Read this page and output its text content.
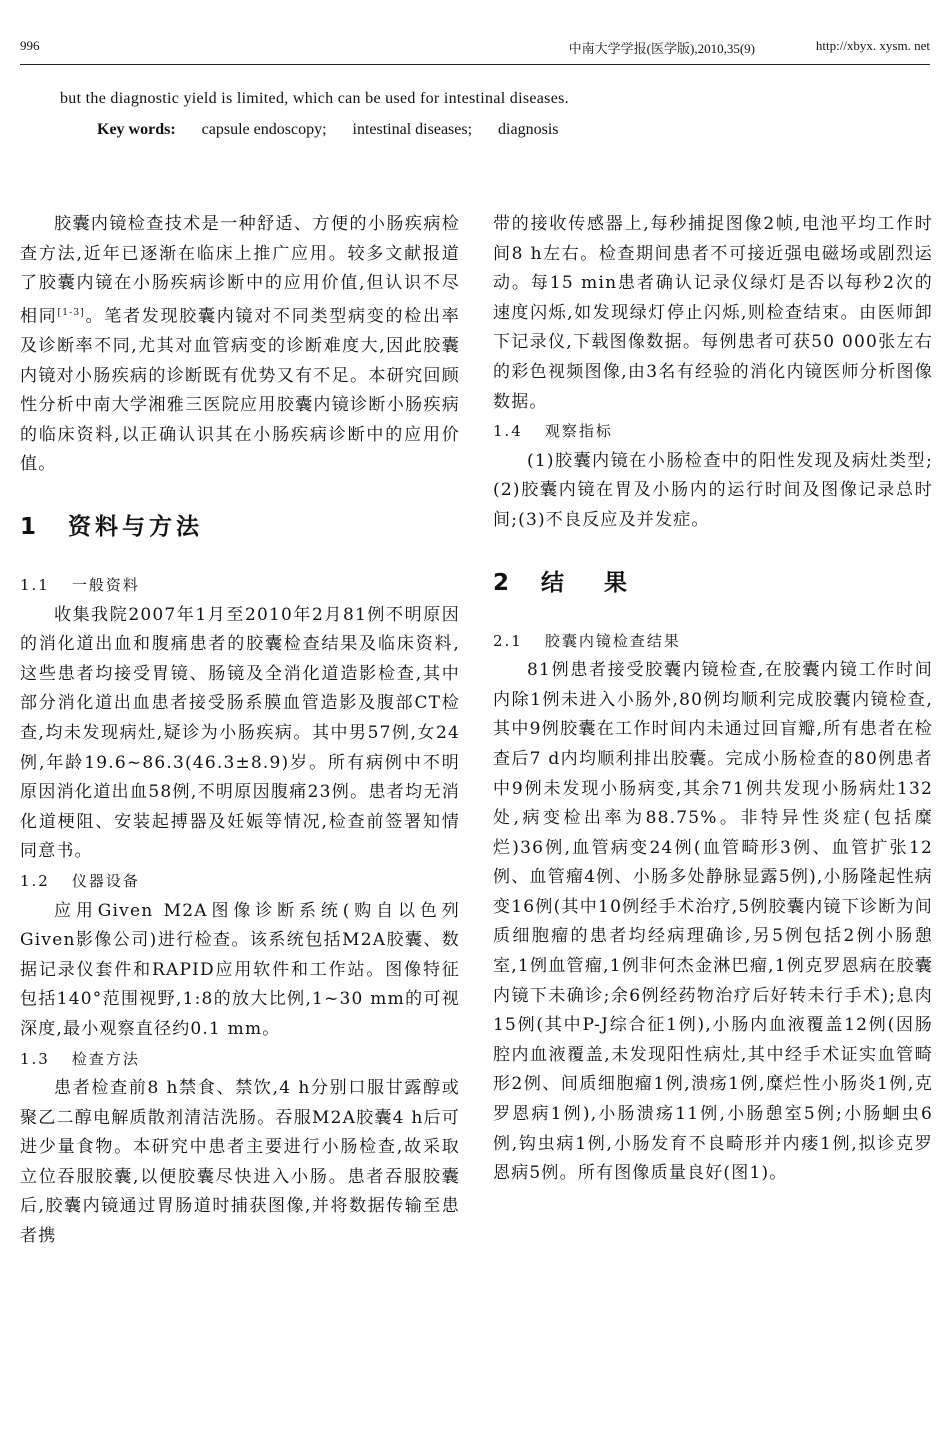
996	中南大学学报(医学版),2010,35(9)	http://xbyx. xysm. net
but the diagnostic yield is limited, which can be used for intestinal diseases.
Key words: capsule endoscopy; intestinal diseases; diagnosis

胶囊内镜检查技术是一种舒适、方便的小肠疾病检查方法,近年已逐渐在临床上推广应用。较多文献报道了胶囊内镜在小肠疾病诊断中的应用价值,但认识不尽相同[1-3]。笔者发现胶囊内镜对不同类型病变的检出率及诊断率不同,尤其对血管病变的诊断难度大,因此胶囊内镜对小肠疾病的诊断既有优势又有不足。本研究回顾性分析中南大学湘雅三医院应用胶囊内镜诊断小肠疾病的临床资料,以正确认识其在小肠疾病诊断中的应用价值。

1 资料与方法
1.1 一般资料

收集我院2007年1月至2010年2月81例不明原因的消化道出血和腹痛患者的胶囊检查结果及临床资料,这些患者均接受胃镜、肠镜及全消化道造影检查,其中部分消化道出血患者接受肠系膜血管造影及腹部CT检查,均未发现病灶,疑诊为小肠疾病。其中男57例,女24例,年龄19.6~86.3(46.3±8.9)岁。所有病例中不明原因消化道出血58例,不明原因腹痛23例。患者均无消化道梗阻、安装起搏器及妊娠等情况,检查前签署知情同意书。

1.2 仪器设备

应用Given M2A图像诊断系统(购自以色列Given影像公司)进行检查。该系统包括M2A胶囊、数据记录仪套件和RAPID应用软件和工作站。图像特征包括140°范围视野,1:8的放大比例,1~30 mm的可视深度,最小观察直径约0.1 mm。

1.3 检查方法

患者检查前8 h禁食、禁饮,4 h分别口服甘露醇或聚乙二醇电解质散剂清洁洗肠。吞服M2A胶囊4 h后可进少量食物。本研究中患者主要进行小肠检查,故采取立位吞服胶囊,以便胶囊尽快进入小肠。患者吞服胶囊后,胶囊内镜通过胃肠道时捕获图像,并将数据传输至患者携

带的接收传感器上,每秒捕捉图像2帧,电池平均工作时间8 h左右。检查期间患者不可接近强电磁场或剧烈运动。每15 min患者确认记录仪绿灯是否以每秒2次的速度闪烁,如发现绿灯停止闪烁,则检查结束。由医师卸下记录仪,下载图像数据。每例患者可获50 000张左右的彩色视频图像,由3名有经验的消化内镜医师分析图像数据。

1.4 观察指标

(1)胶囊内镜在小肠检查中的阳性发现及病灶类型;(2)胶囊内镜在胃及小肠内的运行时间及图像记录总时间;(3)不良反应及并发症。

2 结果
2.1 胶囊内镜检查结果

81例患者接受胶囊内镜检查,在胶囊内镜工作时间内除1例未进入小肠外,80例均顺利完成胶囊内镜检查,其中9例胶囊在工作时间内未通过回盲瓣,所有患者在检查后7 d内均顺利排出胶囊。完成小肠检查的80例患者中9例未发现小肠病变,其余71例共发现小肠病灶132处,病变检出率为88.75%。非特异性炎症(包括糜烂)36例,血管病变24例(血管畸形3例、血管扩张12例、血管瘤4例、小肠多处静脉显露5例),小肠隆起性病变16例(其中10例经手术治疗,5例胶囊内镜下诊断为间质细胞瘤的患者均经病理确诊,另5例包括2例小肠憩室,1例血管瘤,1例非何杰金淋巴瘤,1例克罗恩病在胶囊内镜下未确诊;余6例经药物治疗后好转未行手术);息肉15例(其中P-J综合征1例),小肠内血液覆盖12例(因肠腔内血液覆盖,未发现阳性病灶,其中经手术证实血管畸形2例、间质细胞瘤1例,溃疡1例,糜烂性小肠炎1例,克罗恩病1例),小肠溃疡11例,小肠憩室5例;小肠蛔虫6例,钩虫病1例,小肠发育不良畸形并内瘘1例,拟诊克罗恩病5例。所有图像质量良好(图1)。
